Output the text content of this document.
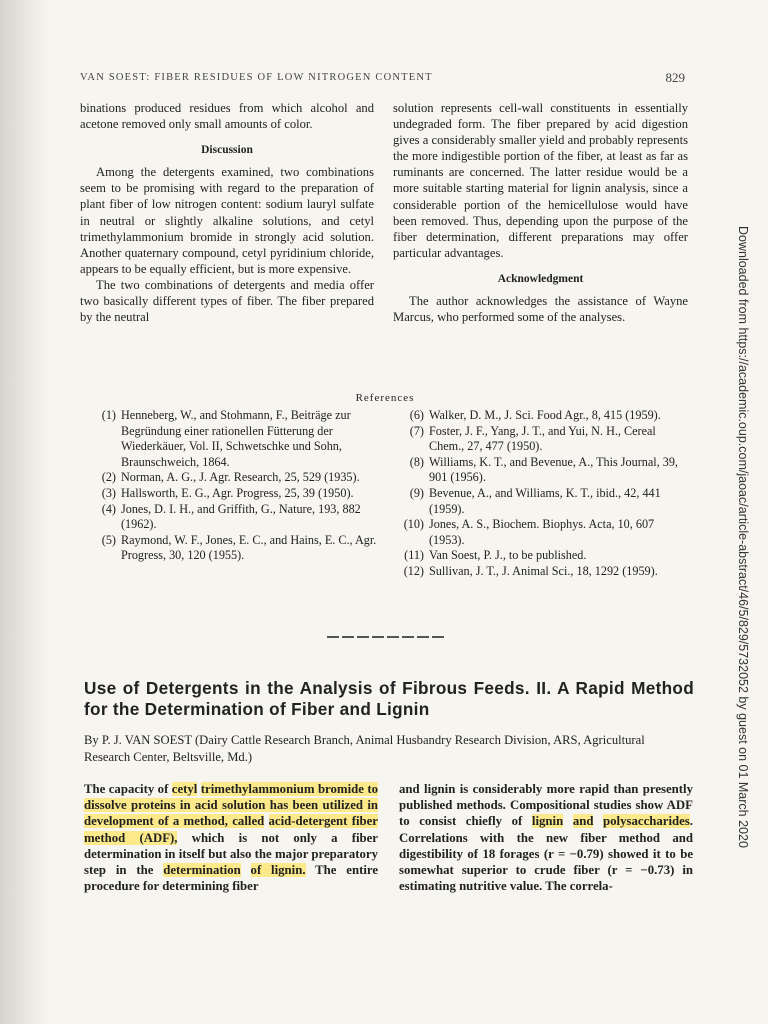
VAN SOEST: FIBER RESIDUES OF LOW NITROGEN CONTENT	829

binations produced residues from which alcohol and acetone removed only small amounts of color.

Discussion

Among the detergents examined, two combinations seem to be promising with regard to the preparation of plant fiber of low nitrogen content: sodium lauryl sulfate in neutral or slightly alkaline solutions, and cetyl trimethylammonium bromide in strongly acid solution. Another quaternary compound, cetyl pyridinium chloride, appears to be equally efficient, but is more expensive.

The two combinations of detergents and media offer two basically different types of fiber. The fiber prepared by the neutral

solution represents cell-wall constituents in essentially undegraded form. The fiber prepared by acid digestion gives a considerably smaller yield and probably represents the more indigestible portion of the fiber, at least as far as ruminants are concerned. The latter residue would be a more suitable starting material for lignin analysis, since a considerable portion of the hemicellulose would have been removed. Thus, depending upon the purpose of the fiber determination, different preparations may offer particular advantages.

Acknowledgment

The author acknowledges the assistance of Wayne Marcus, who performed some of the analyses.

References
(1) Henneberg, W., and Stohmann, F., Beiträge zur Begründung einer rationellen Fütterung der Wiederkäuer, Vol. II, Schwetschke und Sohn, Braunschweich, 1864.
(2) Norman, A. G., J. Agr. Research, 25, 529 (1935).
(3) Hallsworth, E. G., Agr. Progress, 25, 39 (1950).
(4) Jones, D. I. H., and Griffith, G., Nature, 193, 882 (1962).
(5) Raymond, W. F., Jones, E. C., and Hains, E. C., Agr. Progress, 30, 120 (1955).
(6) Walker, D. M., J. Sci. Food Agr., 8, 415 (1959).
(7) Foster, J. F., Yang, J. T., and Yui, N. H., Cereal Chem., 27, 477 (1950).
(8) Williams, K. T., and Bevenue, A., This Journal, 39, 901 (1956).
(9) Bevenue, A., and Williams, K. T., ibid., 42, 441 (1959).
(10) Jones, A. S., Biochem. Biophys. Acta, 10, 607 (1953).
(11) Van Soest, P. J., to be published.
(12) Sullivan, J. T., J. Animal Sci., 18, 1292 (1959).
Use of Detergents in the Analysis of Fibrous Feeds. II. A Rapid Method for the Determination of Fiber and Lignin
By P. J. VAN SOEST (Dairy Cattle Research Branch, Animal Husbandry Research Division, ARS, Agricultural Research Center, Beltsville, Md.)

The capacity of cetyl trimethylammonium bromide to dissolve proteins in acid solution has been utilized in development of a method, called acid-detergent fiber method (ADF), which is not only a fiber determination in itself but also the major preparatory step in the determination of lignin. The entire procedure for determining fiber

and lignin is considerably more rapid than presently published methods. Compositional studies show ADF to consist chiefly of lignin and polysaccharides. Correlations with the new fiber method and digestibility of 18 forages (r = −0.79) showed it to be somewhat superior to crude fiber (r = −0.73) in estimating nutritive value. The correla-

Downloaded from https://academic.oup.com/jaoac/article-abstract/46/5/829/5732052 by guest on 01 March 2020
